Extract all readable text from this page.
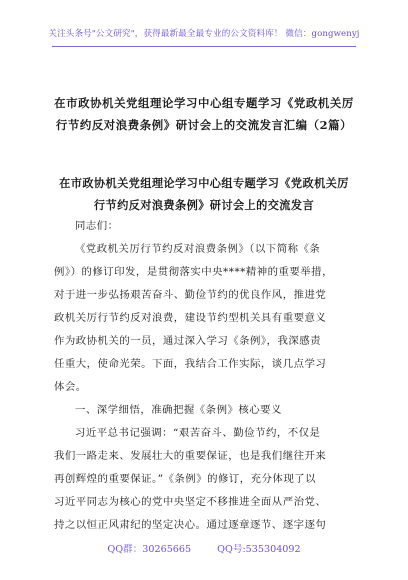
关注头条号"公文研究"，获得最新最全最专业的公文资料库！ 微信：gongwenyj
在市政协机关党组理论学习中心组专题学习《党政机关厉
行节约反对浪费条例》研讨会上的交流发言汇编（2篇）
在市政协机关党组理论学习中心组专题学习《党政机关厉
行节约反对浪费条例》研讨会上的交流发言
同志们：
《党政机关厉行节约反对浪费条例》（以下简称《条
例》）的修订印发，是贯彻落实中央****精神的重要举措，
对于进一步弘扬艰苦奋斗、勤俭节约的优良作风，推进党
政机关厉行节约反对浪费，建设节约型机关具有重要意义
作为政协机关的一员，通过深入学习《条例》，我深感责
任重大，使命光荣。下面，我结合工作实际，谈几点学习
体会。
一、深学细悟，准确把握《条例》核心要义
习近平总书记强调：“艰苦奋斗、勤俭节约，不仅是
我们一路走来、发展壮大的重要保证，也是我们继往开来
再创辉煌的重要保证。”《条例》的修订，充分体现了以
习近平同志为核心的党中央坚定不移推进全面从严治党、
持之以恒正风肃纪的坚定决心。通过逐章逐节、逐字逐句
QQ群：30265665	QQ号:535304092
